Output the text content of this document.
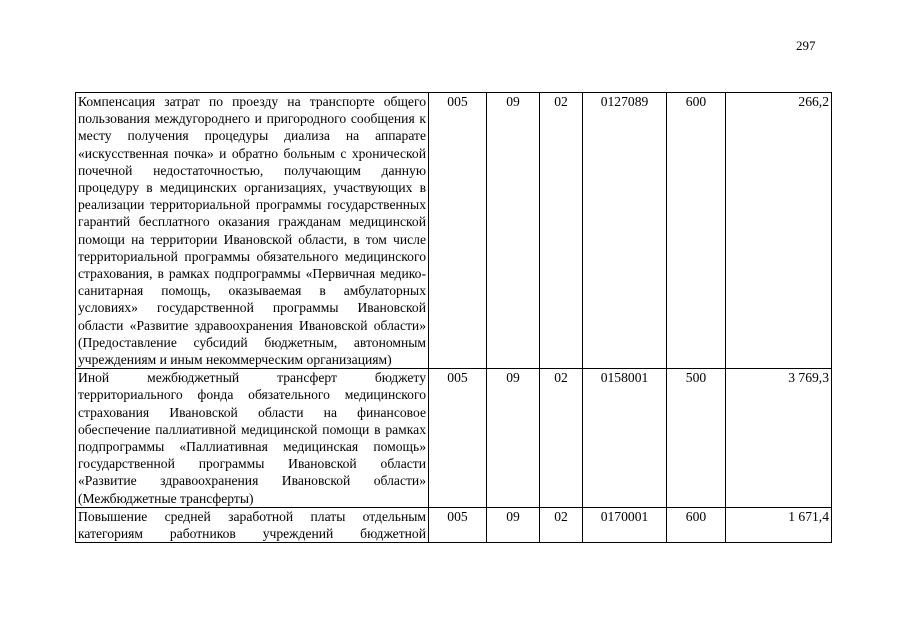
297
Компенсация затрат по проезду на транспорте общего пользования междугороднего и пригородного сообщения к месту получения процедуры диализа на аппарате «искусственная почка» и обратно больным с хронической почечной недостаточностью, получающим данную процедуру в медицинских организациях, участвующих в реализации территориальной программы государственных гарантий бесплатного оказания гражданам медицинской помощи на территории Ивановской области, в том числе территориальной программы обязательного медицинского страхования, в рамках подпрограммы «Первичная медико-санитарная помощь, оказываемая в амбулаторных условиях» государственной программы Ивановской области «Развитие здравоохранения Ивановской области» (Предоставление субсидий бюджетным, автономным учреждениям и иным некоммерческим организациям)	005	09	02	0127089	600	266,2
Иной межбюджетный трансферт бюджету территориального фонда обязательного медицинского страхования Ивановской области на финансовое обеспечение паллиативной медицинской помощи в рамках подпрограммы «Паллиативная медицинская помощь» государственной программы Ивановской области «Развитие здравоохранения Ивановской области» (Межбюджетные трансферты)	005	09	02	0158001	500	3 769,3
Повышение средней заработной платы отдельным категориям работников учреждений бюджетной	005	09	02	0170001	600	1 671,4
